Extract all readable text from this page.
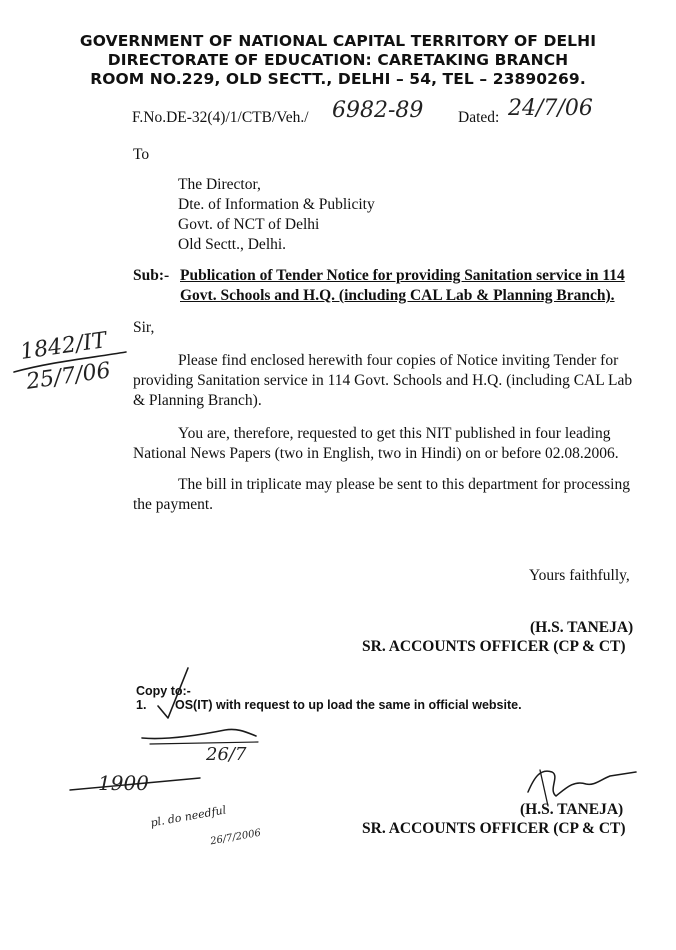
GOVERNMENT OF NATIONAL CAPITAL TERRITORY OF DELHI
DIRECTORATE OF EDUCATION: CARETAKING BRANCH
ROOM NO.229, OLD SECTT., DELHI – 54, TEL – 23890269.
F.No.DE-32(4)/1/CTB/Veh./ 6982-89 Dated: 24/7/06
To
The Director,
Dte. of Information & Publicity
Govt. of NCT of Delhi
Old Sectt., Delhi.
Sub:- Publication of Tender Notice for providing Sanitation service in 114
Govt. Schools and H.Q. (including CAL Lab & Planning Branch).
Sir,
Please find enclosed herewith four copies of Notice inviting Tender for
providing Sanitation service in 114 Govt. Schools and H.Q. (including CAL Lab
& Planning Branch).
You are, therefore, requested to get this NIT published in four leading
National News Papers (two in English, two in Hindi) on or before 02.08.2006.
The bill in triplicate may please be sent to this department for processing
the payment.
Yours faithfully,
(H.S. TANEJA)
SR. ACCOUNTS OFFICER (CP & CT)
Copy to:-
1. OS(IT) with request to up load the same in official website.
(H.S. TANEJA)
SR. ACCOUNTS OFFICER (CP & CT)
1842/IT
25/7/06
26/7
1900
pl. do needful
26/7/2006
